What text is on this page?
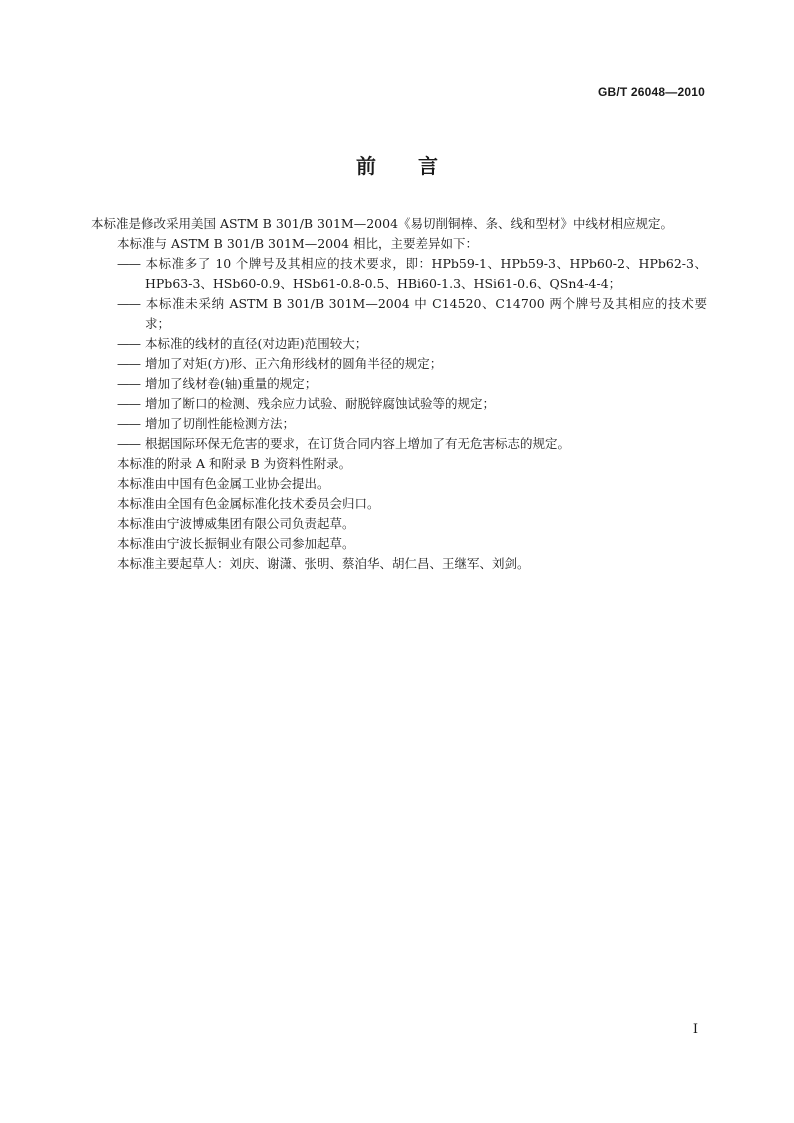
GB/T 26048—2010
前言

本标准是修改采用美国 ASTM B 301/B 301M—2004《易切削铜棒、条、线和型材》中线材相应规定。

本标准与 ASTM B 301/B 301M—2004 相比，主要差异如下：

—— 本标准多了 10 个牌号及其相应的技术要求，即：HPb59-1、HPb59-3、HPb60-2、HPb62-3、HPb63-3、HSb60-0.9、HSb61-0.8-0.5、HBi60-1.3、HSi61-0.6、QSn4-4-4；

—— 本标准未采纳 ASTM B 301/B 301M—2004 中 C14520、C14700 两个牌号及其相应的技术要求；

—— 本标准的线材的直径(对边距)范围较大；

—— 增加了对矩(方)形、正六角形线材的圆角半径的规定；

—— 增加了线材卷(轴)重量的规定；

—— 增加了断口的检测、残余应力试验、耐脱锌腐蚀试验等的规定；

—— 增加了切削性能检测方法；

—— 根据国际环保无危害的要求，在订货合同内容上增加了有无危害标志的规定。

本标准的附录 A 和附录 B 为资料性附录。

本标准由中国有色金属工业协会提出。

本标准由全国有色金属标准化技术委员会归口。

本标准由宁波博威集团有限公司负责起草。

本标准由宁波长振铜业有限公司参加起草。

本标准主要起草人：刘庆、谢潇、张明、蔡洎华、胡仁昌、王继军、刘剑。

I
